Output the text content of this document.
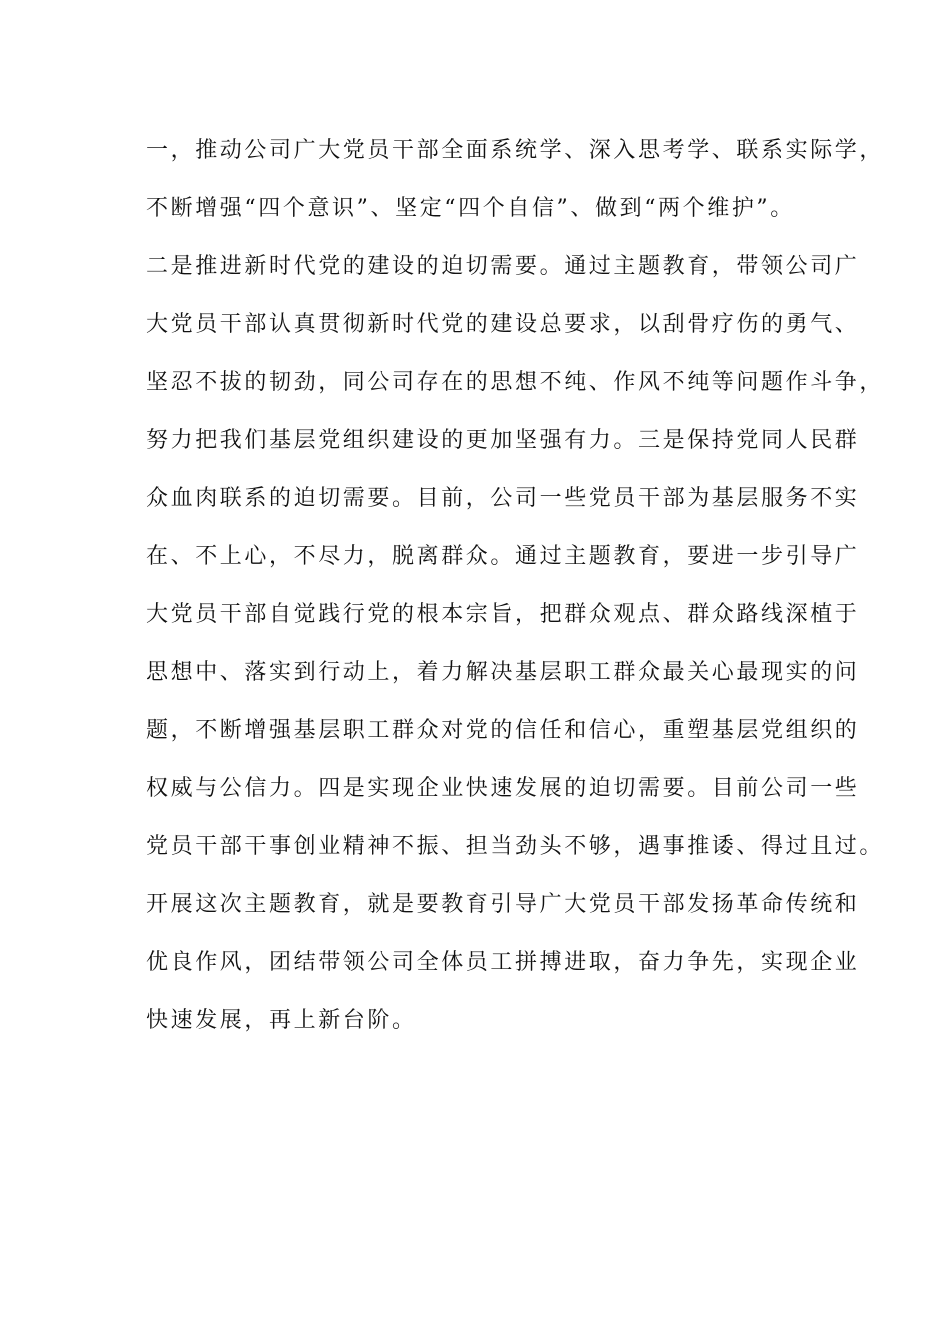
一，推动公司广大党员干部全面系统学、深入思考学、联系实际学，
不断增强“四个意识”、坚定“四个自信”、做到“两个维护”。
二是推进新时代党的建设的迫切需要。通过主题教育，带领公司广
大党员干部认真贯彻新时代党的建设总要求，以刮骨疗伤的勇气、
坚忍不拔的韧劲，同公司存在的思想不纯、作风不纯等问题作斗争，
努力把我们基层党组织建设的更加坚强有力。三是保持党同人民群
众血肉联系的迫切需要。目前，公司一些党员干部为基层服务不实
在、不上心，不尽力，脱离群众。通过主题教育，要进一步引导广
大党员干部自觉践行党的根本宗旨，把群众观点、群众路线深植于
思想中、落实到行动上，着力解决基层职工群众最关心最现实的问
题，不断增强基层职工群众对党的信任和信心，重塑基层党组织的
权威与公信力。四是实现企业快速发展的迫切需要。目前公司一些
党员干部干事创业精神不振、担当劲头不够，遇事推诿、得过且过。
开展这次主题教育，就是要教育引导广大党员干部发扬革命传统和
优良作风，团结带领公司全体员工拼搏进取，奋力争先，实现企业
快速发展，再上新台阶。
